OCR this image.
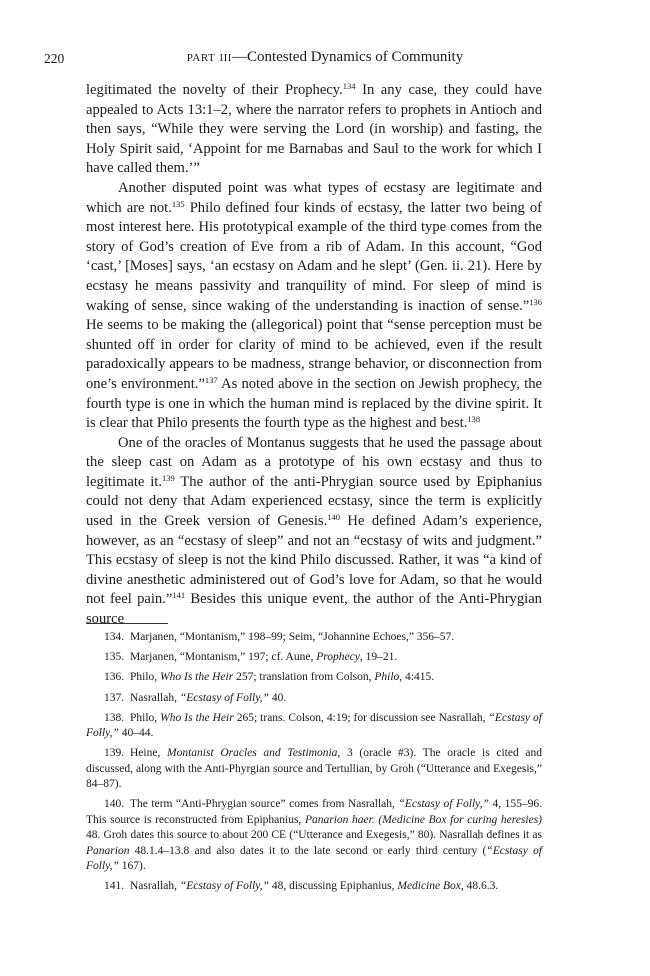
220	part iii—Contested Dynamics of Community

legitimated the novelty of their Prophecy.$^{134}$ In any case, they could have appealed to Acts 13:1–2, where the narrator refers to prophets in Antioch and then says, “While they were serving the Lord (in worship) and fasting, the Holy Spirit said, ‘Appoint for me Barnabas and Saul to the work for which I have called them.’”

Another disputed point was what types of ecstasy are legitimate and which are not.$^{135}$ Philo defined four kinds of ecstasy, the latter two being of most interest here. His prototypical example of the third type comes from the story of God’s creation of Eve from a rib of Adam. In this account, “God ‘cast,’ [Moses] says, ‘an ecstasy on Adam and he slept’ (Gen. ii. 21). Here by ecstasy he means passivity and tranquility of mind. For sleep of mind is waking of sense, since waking of the understanding is inaction of sense.”$^{136}$ He seems to be making the (allegorical) point that “sense perception must be shunted off in order for clarity of mind to be achieved, even if the result paradoxically appears to be madness, strange behavior, or disconnection from one’s environment.”$^{137}$ As noted above in the section on Jewish prophecy, the fourth type is one in which the human mind is replaced by the divine spirit. It is clear that Philo presents the fourth type as the highest and best.$^{138}$

One of the oracles of Montanus suggests that he used the passage about the sleep cast on Adam as a prototype of his own ecstasy and thus to legitimate it.$^{139}$ The author of the anti-Phrygian source used by Epiphanius could not deny that Adam experienced ecstasy, since the term is explicitly used in the Greek version of Genesis.$^{140}$ He defined Adam’s experience, however, as an “ecstasy of sleep” and not an “ecstasy of wits and judgment.” This ecstasy of sleep is not the kind Philo discussed. Rather, it was “a kind of divine anesthetic administered out of God’s love for Adam, so that he would not feel pain.”$^{141}$ Besides this unique event, the author of the Anti-Phrygian source

134. Marjanen, “Montanism,” 198–99; Seim, “Johannine Echoes,” 356–57.
135. Marjanen, “Montanism,” 197; cf. Aune, Prophecy, 19–21.
136. Philo, Who Is the Heir 257; translation from Colson, Philo, 4:415.
137. Nasrallah, “Ecstasy of Folly,” 40.
138. Philo, Who Is the Heir 265; trans. Colson, 4:19; for discussion see Nasrallah, “Ecstasy of Folly,” 40–44.
139. Heine, Montanist Oracles and Testimonia, 3 (oracle #3). The oracle is cited and discussed, along with the Anti-Phyrgian source and Tertullian, by Groh (“Utterance and Exegesis,” 84–87).
140. The term “Anti-Phrygian source” comes from Nasrallah, “Ecstasy of Folly,” 4, 155–96. This source is reconstructed from Epiphanius, Panarion haer. (Medicine Box for curing heresies) 48. Groh dates this source to about 200 CE (“Utterance and Exegesis,” 80). Nasrallah defines it as Panarion 48.1.4–13.8 and also dates it to the late second or early third century (“Ecstasy of Folly,” 167).
141. Nasrallah, “Ecstasy of Folly,” 48, discussing Epiphanius, Medicine Box, 48.6.3.
